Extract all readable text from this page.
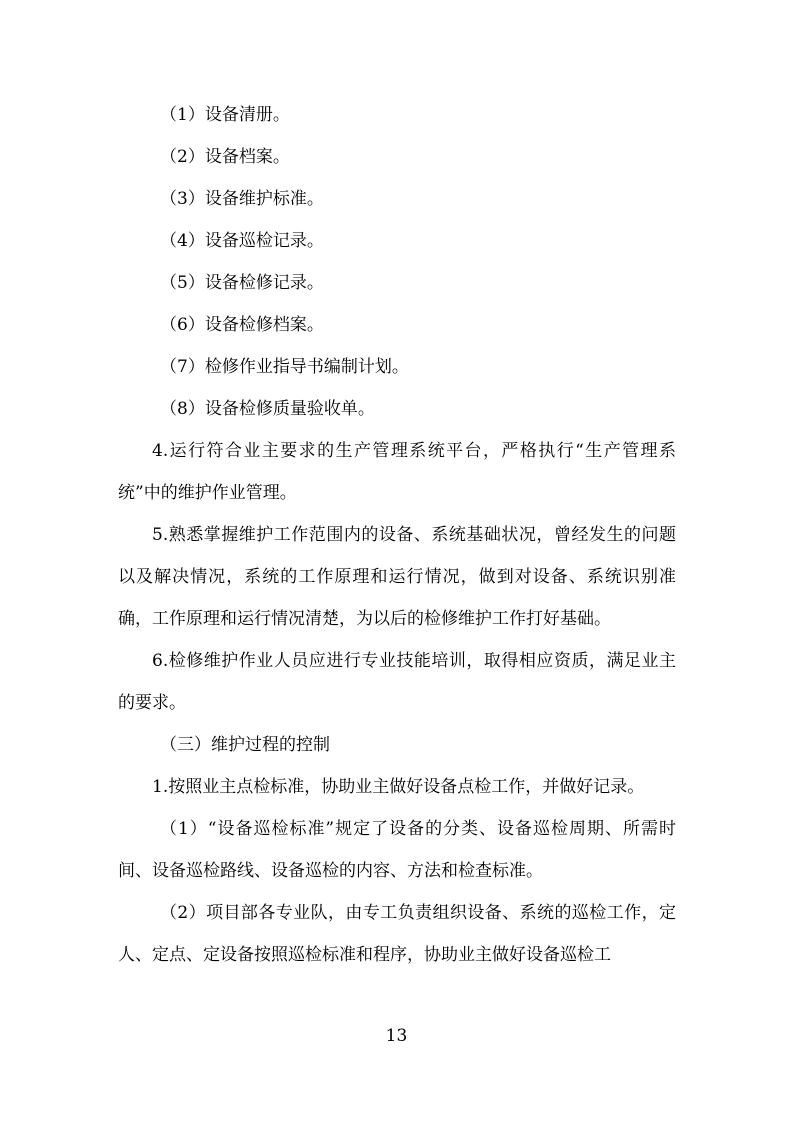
（1）设备清册。

（2）设备档案。

（3）设备维护标准。

（4）设备巡检记录。

（5）设备检修记录。

（6）设备检修档案。

（7）检修作业指导书编制计划。

（8）设备检修质量验收单。

4.运行符合业主要求的生产管理系统平台，严格执行“生产管理系统”中的维护作业管理。

5.熟悉掌握维护工作范围内的设备、系统基础状况，曾经发生的问题以及解决情况，系统的工作原理和运行情况，做到对设备、系统识别准确，工作原理和运行情况清楚，为以后的检修维护工作打好基础。

6.检修维护作业人员应进行专业技能培训，取得相应资质，满足业主的要求。

（三）维护过程的控制

1.按照业主点检标准，协助业主做好设备点检工作，并做好记录。

（1）“设备巡检标准”规定了设备的分类、设备巡检周期、所需时间、设备巡检路线、设备巡检的内容、方法和检查标准。

（2）项目部各专业队，由专工负责组织设备、系统的巡检工作，定人、定点、定设备按照巡检标准和程序，协助业主做好设备巡检工

13
